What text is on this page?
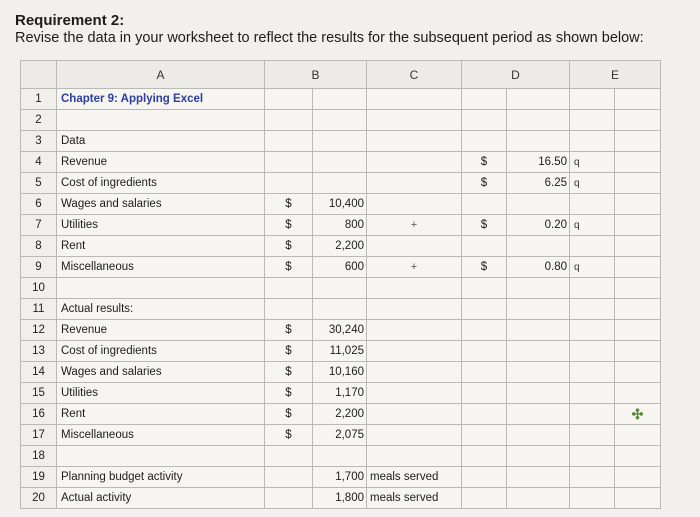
Requirement 2:
Revise the data in your worksheet to reflect the results for the subsequent period as shown below:
	A	B		C	D		E	
1	Chapter 9: Applying Excel							
2								
3	Data							
4	Revenue				$	16.50	q	
5	Cost of ingredients				$	6.25	q	
6	Wages and salaries	$	10,400					
7	Utilities	$	800	+	$	0.20	q	
8	Rent	$	2,200					
9	Miscellaneous	$	600	+	$	0.80	q	
10								
11	Actual results:							
12	Revenue	$	30,240					
13	Cost of ingredients	$	11,025					
14	Wages and salaries	$	10,160					
15	Utilities	$	1,170					
16	Rent	$	2,200					✣
17	Miscellaneous	$	2,075					
18								
19	Planning budget activity		1,700	meals served				
20	Actual activity		1,800	meals served				
